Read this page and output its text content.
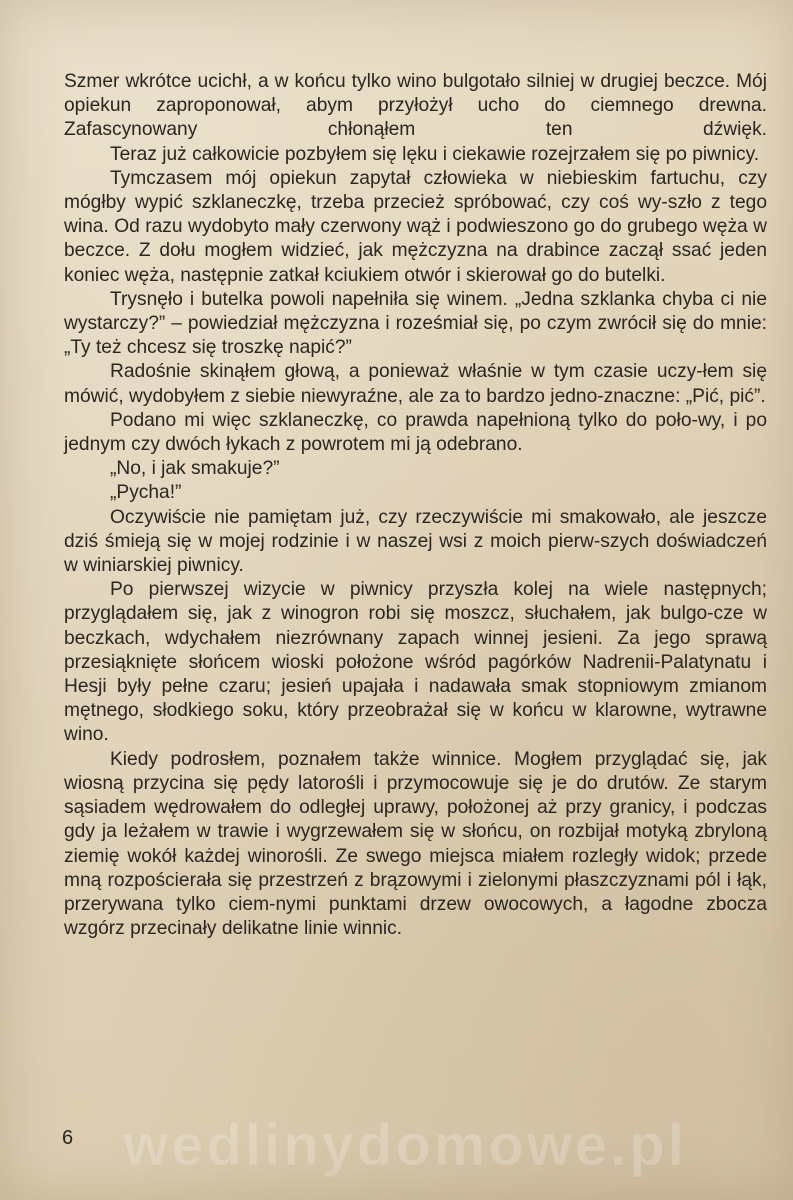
Szmer wkrótce ucichł, a w końcu tylko wino bulgotało silniej w drugiej beczce. Mój opiekun zaproponował, abym przyłożył ucho do ciemnego drewna. Zafascynowany chłonąłem ten dźwięk.

Teraz już całkowicie pozbyłem się lęku i ciekawie rozejrzałem się po piwnicy.

Tymczasem mój opiekun zapytał człowieka w niebieskim fartuchu, czy mógłby wypić szklaneczkę, trzeba przecież spróbować, czy coś wy-szło z tego wina. Od razu wydobyto mały czerwony wąż i podwieszono go do grubego węża w beczce. Z dołu mogłem widzieć, jak mężczyzna na drabince zaczął ssać jeden koniec węża, następnie zatkał kciukiem otwór i skierował go do butelki.

Trysnęło i butelka powoli napełniła się winem. „Jedna szklanka chyba ci nie wystarczy?” – powiedział mężczyzna i roześmiał się, po czym zwrócił się do mnie: „Ty też chcesz się troszkę napić?”

Radośnie skinąłem głową, a ponieważ właśnie w tym czasie uczy-łem się mówić, wydobyłem z siebie niewyraźne, ale za to bardzo jedno-znaczne: „Pić, pić”.

Podano mi więc szklaneczkę, co prawda napełnioną tylko do poło-wy, i po jednym czy dwóch łykach z powrotem mi ją odebrano.

„No, i jak smakuje?”

„Pycha!”

Oczywiście nie pamiętam już, czy rzeczywiście mi smakowało, ale jeszcze dziś śmieją się w mojej rodzinie i w naszej wsi z moich pierw-szych doświadczeń w winiarskiej piwnicy.

Po pierwszej wizycie w piwnicy przyszła kolej na wiele następnych; przyglądałem się, jak z winogron robi się moszcz, słuchałem, jak bulgo-cze w beczkach, wdychałem niezrównany zapach winnej jesieni. Za jego sprawą przesiąknięte słońcem wioski położone wśród pagórków Nadrenii-Palatynatu i Hesji były pełne czaru; jesień upajała i nadawała smak stopniowym zmianom mętnego, słodkiego soku, który przeobrażał się w końcu w klarowne, wytrawne wino.

Kiedy podrosłem, poznałem także winnice. Mogłem przyglądać się, jak wiosną przycina się pędy latorośli i przymocowuje się je do drutów. Ze starym sąsiadem wędrowałem do odległej uprawy, położonej aż przy granicy, i podczas gdy ja leżałem w trawie i wygrzewałem się w słońcu, on rozbijał motyką zbryloną ziemię wokół każdej winorośli. Ze swego miejsca miałem rozległy widok; przede mną rozpościerała się przestrzeń z brązowymi i zielonymi płaszczyznami pól i łąk, przerywana tylko ciem-nymi punktami drzew owocowych, a łagodne zbocza wzgórz przecinały delikatne linie winnic.

wedlinydomowe.pl
6
